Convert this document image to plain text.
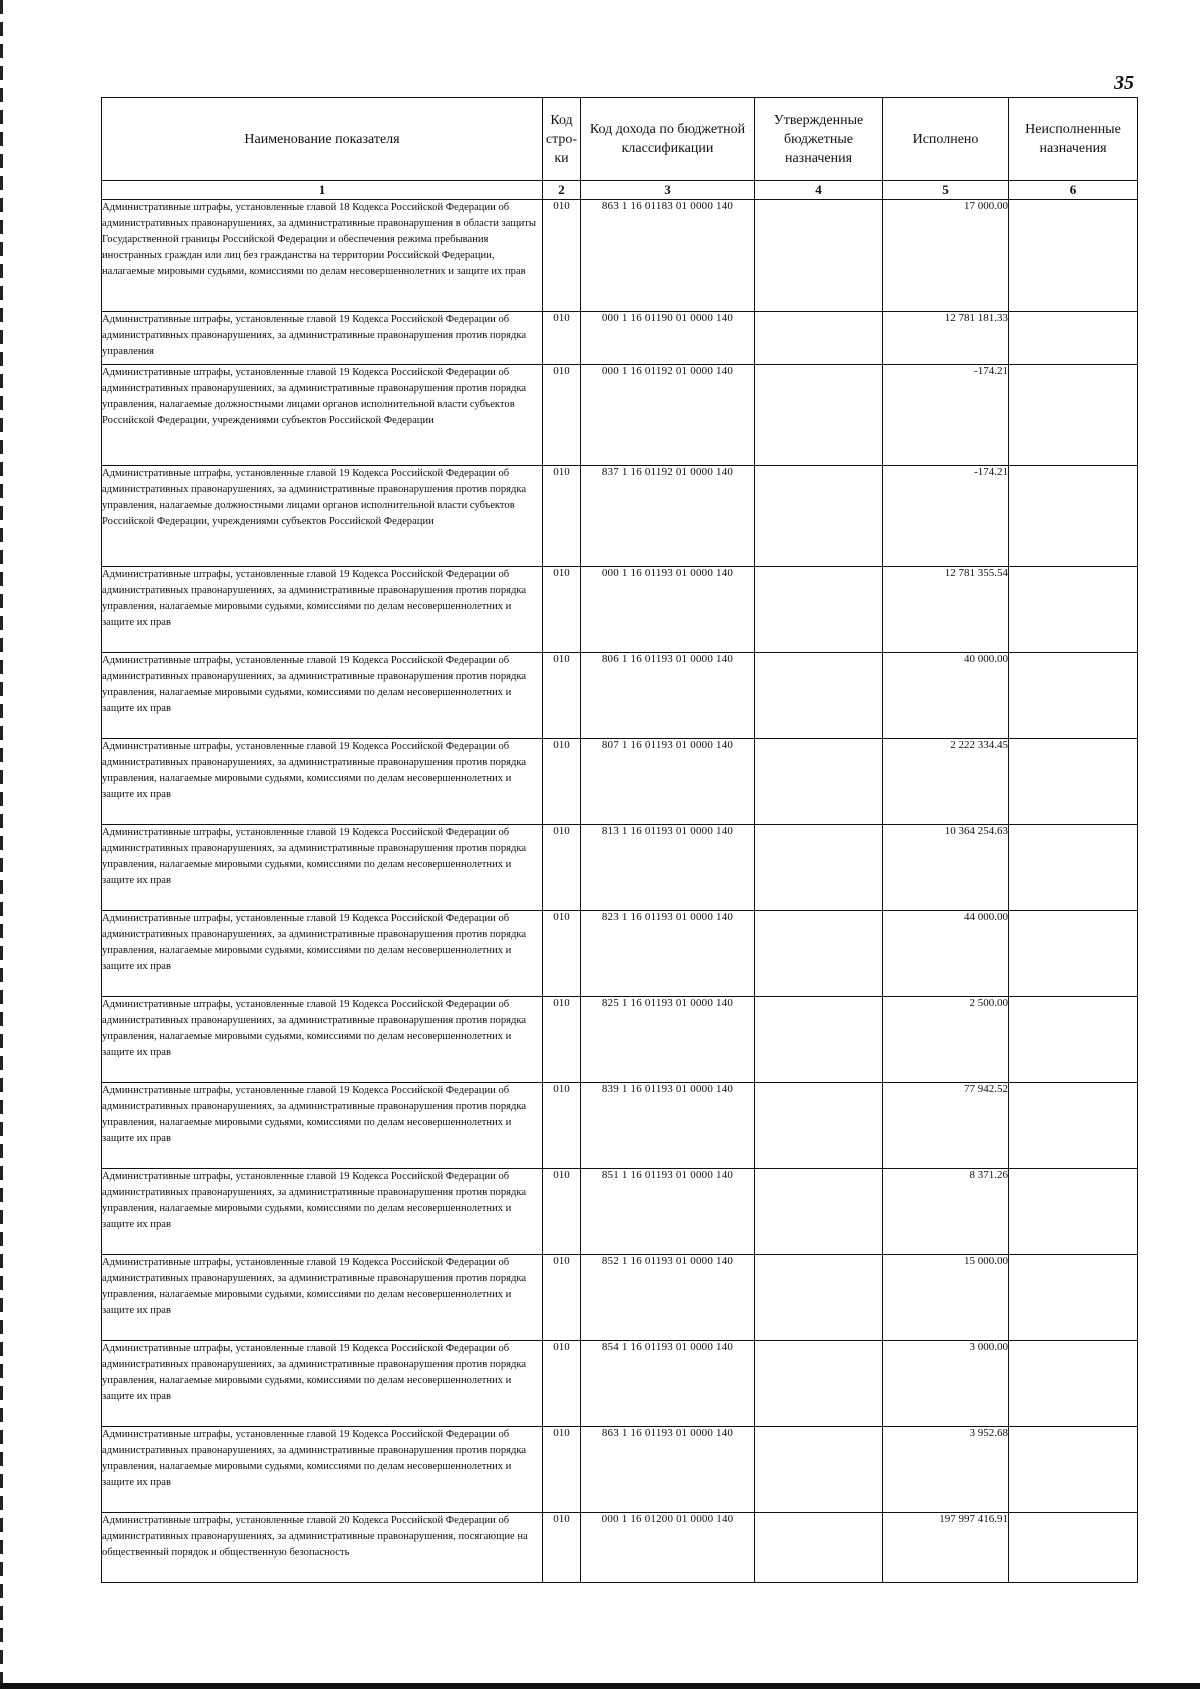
35
Наименование показателя	Код стро-ки	Код дохода по бюджетной классификации	Утвержденные бюджетные назначения	Исполнено	Неисполненные назначения
1	2	3	4	5	6
Административные штрафы, установленные главой 18 Кодекса Российской Федерации об административных правонарушениях, за административные правонарушения в области защиты Государственной границы Российской Федерации и обеспечения режима пребывания иностранных граждан или лиц без гражданства на территории Российской Федерации, налагаемые мировыми судьями, комиссиями по делам несовершеннолетних и защите их прав	010	863 1 16 01183 01 0000 140		17 000.00	
Административные штрафы, установленные главой 19 Кодекса Российской Федерации об административных правонарушениях, за административные правонарушения против порядка управления	010	000 1 16 01190 01 0000 140		12 781 181.33	
Административные штрафы, установленные главой 19 Кодекса Российской Федерации об административных правонарушениях, за административные правонарушения против порядка управления, налагаемые должностными лицами органов исполнительной власти субъектов Российской Федерации, учреждениями субъектов Российской Федерации	010	000 1 16 01192 01 0000 140		-174.21	
Административные штрафы, установленные главой 19 Кодекса Российской Федерации об административных правонарушениях, за административные правонарушения против порядка управления, налагаемые должностными лицами органов исполнительной власти субъектов Российской Федерации, учреждениями субъектов Российской Федерации	010	837 1 16 01192 01 0000 140		-174.21	
Административные штрафы, установленные главой 19 Кодекса Российской Федерации об административных правонарушениях, за административные правонарушения против порядка управления, налагаемые мировыми судьями, комиссиями по делам несовершеннолетних и защите их прав	010	000 1 16 01193 01 0000 140		12 781 355.54	
Административные штрафы, установленные главой 19 Кодекса Российской Федерации об административных правонарушениях, за административные правонарушения против порядка управления, налагаемые мировыми судьями, комиссиями по делам несовершеннолетних и защите их прав	010	806 1 16 01193 01 0000 140		40 000.00	
Административные штрафы, установленные главой 19 Кодекса Российской Федерации об административных правонарушениях, за административные правонарушения против порядка управления, налагаемые мировыми судьями, комиссиями по делам несовершеннолетних и защите их прав	010	807 1 16 01193 01 0000 140		2 222 334.45	
Административные штрафы, установленные главой 19 Кодекса Российской Федерации об административных правонарушениях, за административные правонарушения против порядка управления, налагаемые мировыми судьями, комиссиями по делам несовершеннолетних и защите их прав	010	813 1 16 01193 01 0000 140		10 364 254.63	
Административные штрафы, установленные главой 19 Кодекса Российской Федерации об административных правонарушениях, за административные правонарушения против порядка управления, налагаемые мировыми судьями, комиссиями по делам несовершеннолетних и защите их прав	010	823 1 16 01193 01 0000 140		44 000.00	
Административные штрафы, установленные главой 19 Кодекса Российской Федерации об административных правонарушениях, за административные правонарушения против порядка управления, налагаемые мировыми судьями, комиссиями по делам несовершеннолетних и защите их прав	010	825 1 16 01193 01 0000 140		2 500.00	
Административные штрафы, установленные главой 19 Кодекса Российской Федерации об административных правонарушениях, за административные правонарушения против порядка управления, налагаемые мировыми судьями, комиссиями по делам несовершеннолетних и защите их прав	010	839 1 16 01193 01 0000 140		77 942.52	
Административные штрафы, установленные главой 19 Кодекса Российской Федерации об административных правонарушениях, за административные правонарушения против порядка управления, налагаемые мировыми судьями, комиссиями по делам несовершеннолетних и защите их прав	010	851 1 16 01193 01 0000 140		8 371.26	
Административные штрафы, установленные главой 19 Кодекса Российской Федерации об административных правонарушениях, за административные правонарушения против порядка управления, налагаемые мировыми судьями, комиссиями по делам несовершеннолетних и защите их прав	010	852 1 16 01193 01 0000 140		15 000.00	
Административные штрафы, установленные главой 19 Кодекса Российской Федерации об административных правонарушениях, за административные правонарушения против порядка управления, налагаемые мировыми судьями, комиссиями по делам несовершеннолетних и защите их прав	010	854 1 16 01193 01 0000 140		3 000.00	
Административные штрафы, установленные главой 19 Кодекса Российской Федерации об административных правонарушениях, за административные правонарушения против порядка управления, налагаемые мировыми судьями, комиссиями по делам несовершеннолетних и защите их прав	010	863 1 16 01193 01 0000 140		3 952.68	
Административные штрафы, установленные главой 20 Кодекса Российской Федерации об административных правонарушениях, за административные правонарушения, посягающие на общественный порядок и общественную безопасность	010	000 1 16 01200 01 0000 140		197 997 416.91	
